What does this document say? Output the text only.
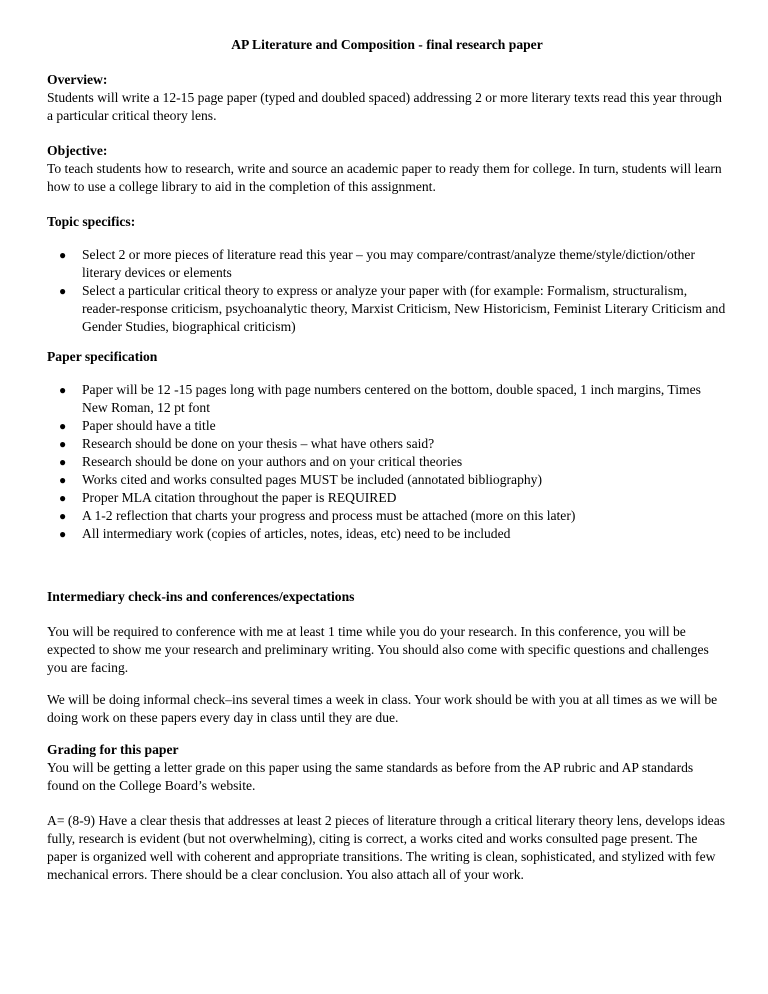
AP Literature and Composition - final research paper

Overview:

Students will write a 12-15 page paper (typed and doubled spaced) addressing 2 or more literary texts read this year through a particular critical theory lens.

Objective:

To teach students how to research, write and source an academic paper to ready them for college. In turn, students will learn how to use a college library to aid in the completion of this assignment.

Topic specifics:

● Select 2 or more pieces of literature read this year – you may compare/contrast/analyze theme/style/diction/other literary devices or elements
● Select a particular critical theory to express or analyze your paper with (for example: Formalism, structuralism, reader-response criticism, psychoanalytic theory, Marxist Criticism, New Historicism, Feminist Literary Criticism and Gender Studies, biographical criticism)

Paper specification

● Paper will be 12 -15 pages long with page numbers centered on the bottom, double spaced, 1 inch margins, Times New Roman, 12 pt font
● Paper should have a title
● Research should be done on your thesis – what have others said?
● Research should be done on your authors and on your critical theories
● Works cited and works consulted pages MUST be included (annotated bibliography)
● Proper MLA citation throughout the paper is REQUIRED
● A 1-2 reflection that charts your progress and process must be attached (more on this later)
● All intermediary work (copies of articles, notes, ideas, etc) need to be included

Intermediary check-ins and conferences/expectations

You will be required to conference with me at least 1 time while you do your research. In this conference, you will be expected to show me your research and preliminary writing. You should also come with specific questions and challenges you are facing.

We will be doing informal check–ins several times a week in class. Your work should be with you at all times as we will be doing work on these papers every day in class until they are due.

Grading for this paper

You will be getting a letter grade on this paper using the same standards as before from the AP rubric and AP standards found on the College Board’s website.

A= (8-9) Have a clear thesis that addresses at least 2 pieces of literature through a critical literary theory lens, develops ideas fully, research is evident (but not overwhelming), citing is correct, a works cited and works consulted page present. The paper is organized well with coherent and appropriate transitions. The writing is clean, sophisticated, and stylized with few mechanical errors. There should be a clear conclusion. You also attach all of your work.
